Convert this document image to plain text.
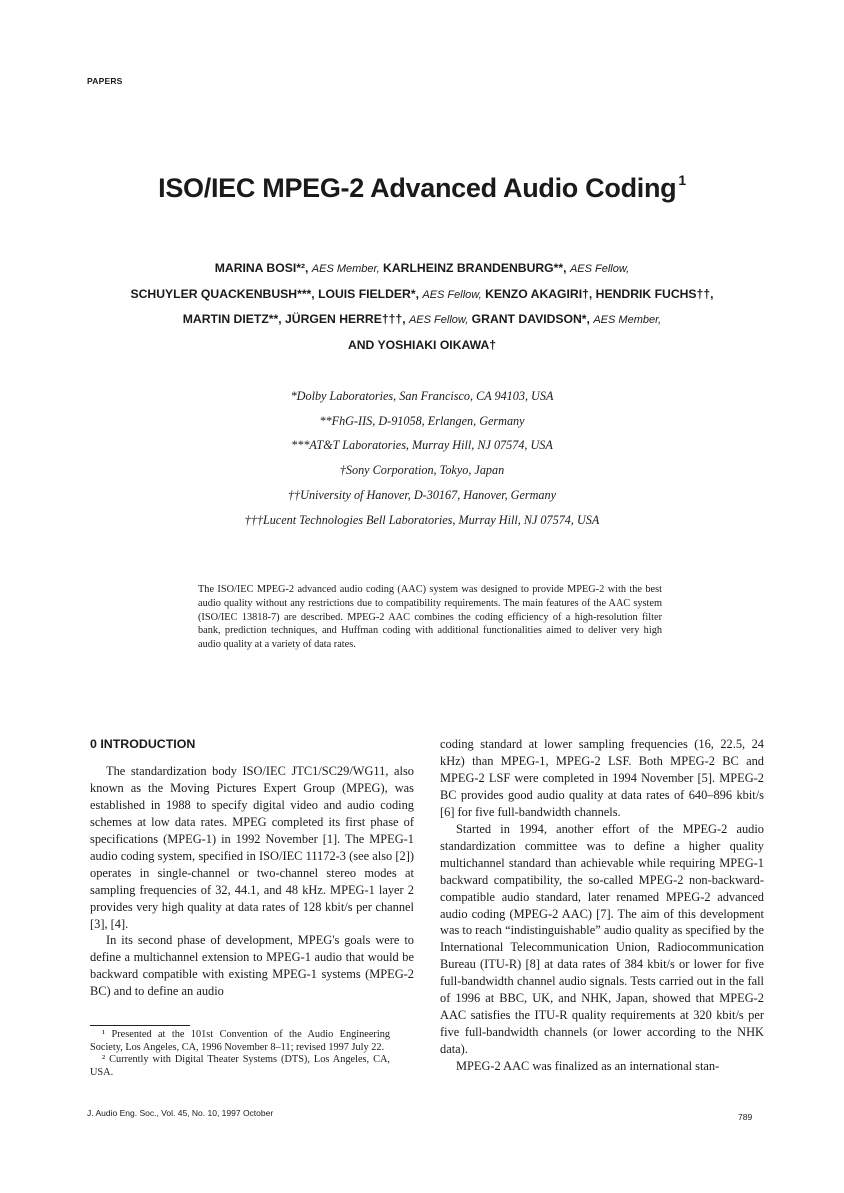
PAPERS
ISO/IEC MPEG-2 Advanced Audio Coding $^1$
MARINA BOSI*², AES Member, KARLHEINZ BRANDENBURG**, AES Fellow,
SCHUYLER QUACKENBUSH***, LOUIS FIELDER*, AES Fellow, KENZO AKAGIRI†, HENDRIK FUCHS††,
MARTIN DIETZ**, JÜRGEN HERRE†††, AES Fellow, GRANT DAVIDSON*, AES Member,
AND YOSHIAKI OIKAWA†
*Dolby Laboratories, San Francisco, CA 94103, USA
**FhG-IIS, D-91058, Erlangen, Germany
***AT&T Laboratories, Murray Hill, NJ 07574, USA
†Sony Corporation, Tokyo, Japan
††University of Hanover, D-30167, Hanover, Germany
†††Lucent Technologies Bell Laboratories, Murray Hill, NJ 07574, USA
The ISO/IEC MPEG-2 advanced audio coding (AAC) system was designed to provide MPEG-2 with the best audio quality without any restrictions due to compatibility requirements. The main features of the AAC system (ISO/IEC 13818-7) are described. MPEG-2 AAC combines the coding efficiency of a high-resolution filter bank, prediction techniques, and Huffman coding with additional functionalities aimed to deliver very high audio quality at a variety of data rates.
0 INTRODUCTION

The standardization body ISO/IEC JTC1/SC29/WG11, also known as the Moving Pictures Expert Group (MPEG), was established in 1988 to specify digital video and audio coding schemes at low data rates. MPEG completed its first phase of specifications (MPEG-1) in 1992 November [1]. The MPEG-1 audio coding system, specified in ISO/IEC 11172-3 (see also [2]) operates in single-channel or two-channel stereo modes at sampling frequencies of 32, 44.1, and 48 kHz. MPEG-1 layer 2 provides very high quality at data rates of 128 kbit/s per channel [3], [4].

In its second phase of development, MPEG's goals were to define a multichannel extension to MPEG-1 audio that would be backward compatible with existing MPEG-1 systems (MPEG-2 BC) and to define an audio

coding standard at lower sampling frequencies (16, 22.5, 24 kHz) than MPEG-1, MPEG-2 LSF. Both MPEG-2 BC and MPEG-2 LSF were completed in 1994 November [5]. MPEG-2 BC provides good audio quality at data rates of 640–896 kbit/s [6] for five full-bandwidth channels.

Started in 1994, another effort of the MPEG-2 audio standardization committee was to define a higher quality multichannel standard than achievable while requiring MPEG-1 backward compatibility, the so-called MPEG-2 non-backward-compatible audio standard, later renamed MPEG-2 advanced audio coding (MPEG-2 AAC) [7]. The aim of this development was to reach “indistinguishable” audio quality as specified by the International Telecommunication Union, Radiocommunication Bureau (ITU-R) [8] at data rates of 384 kbit/s or lower for five full-bandwidth channel audio signals. Tests carried out in the fall of 1996 at BBC, UK, and NHK, Japan, showed that MPEG-2 AAC satisfies the ITU-R quality requirements at 320 kbit/s per five full-bandwidth channels (or lower according to the NHK data).

MPEG-2 AAC was finalized as an international stan-

¹ Presented at the 101st Convention of the Audio Engineering Society, Los Angeles, CA, 1996 November 8–11; revised 1997 July 22.

² Currently with Digital Theater Systems (DTS), Los Angeles, CA, USA.

J. Audio Eng. Soc., Vol. 45, No. 10, 1997 October	789
